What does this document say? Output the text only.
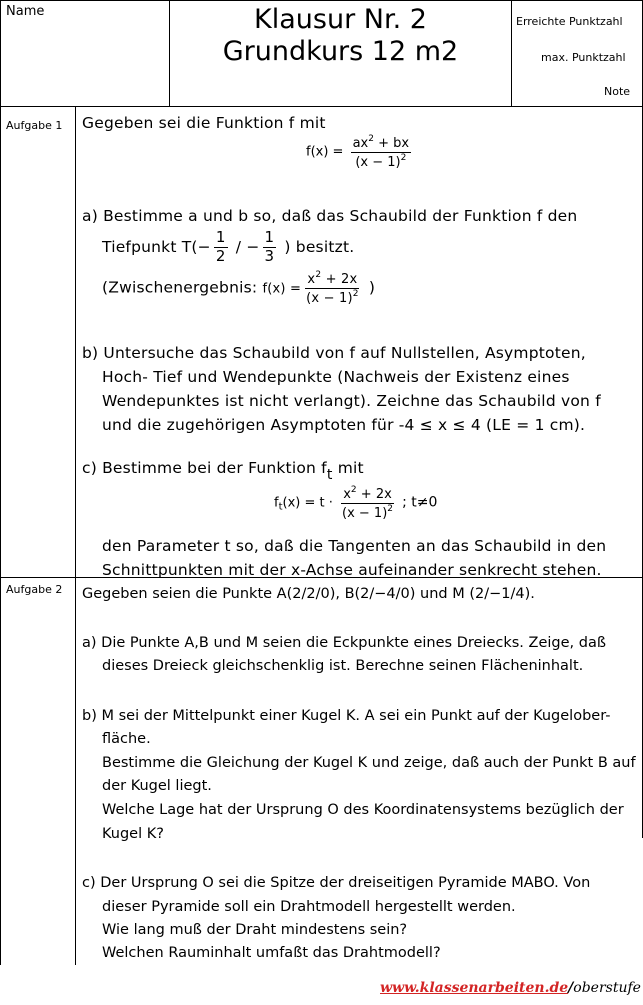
Name	Klausur Nr. 2
Grundkurs 12 m2
Erreichte Punktzahl
max. Punktzahl
Note
Aufgabe 1 Gegeben sei die Funktion f mit
$f(x) = \frac{ax^2 + bx}{(x - 1)^2}$
a) Bestimme a und b so, daß das Schaubild der Funktion f den
Tiefpunkt $T(- \frac{1}{2}$ / − $\frac{1}{3}$ ) besitzt.
(Zwischenergebnis: $f(x) = \frac{x^2 + 2x}{(x - 1)^2}$ )
b) Untersuche das Schaubild von f auf Nullstellen, Asymptoten,
Hoch- Tief und Wendepunkte (Nachweis der Existenz eines
Wendepunktes ist nicht verlangt). Zeichne das Schaubild von f
und die zugehörigen Asymptoten für -4 ≤ x ≤ 4 (LE = 1 cm).
c) Bestimme bei der Funktion $f_t$ mit
$f_t(x) = t \cdot \frac{x^2 + 2x}{(x - 1)^2}$ ; t≠0
den Parameter t so, daß die Tangenten an das Schaubild in den
Schnittpunkten mit der x-Achse aufeinander senkrecht stehen.
Aufgabe 2 Gegeben seien die Punkte A(2/2/0), B(2/−4/0) und M (2/−1/4).
a) Die Punkte A,B und M seien die Eckpunkte eines Dreiecks. Zeige, daß
dieses Dreieck gleichschenklig ist. Berechne seinen Flächeninhalt.
b) M sei der Mittelpunkt einer Kugel K. A sei ein Punkt auf der Kugelober-
fläche.
Bestimme die Gleichung der Kugel K und zeige, daß auch der Punkt B auf
der Kugel liegt.
Welche Lage hat der Ursprung O des Koordinatensystems bezüglich der
Kugel K?
c) Der Ursprung O sei die Spitze der dreiseitigen Pyramide MABO. Von
dieser Pyramide soll ein Drahtmodell hergestellt werden.
Wie lang muß der Draht mindestens sein?
Welchen Rauminhalt umfaßt das Drahtmodell?
www.klassenarbeiten.de/oberstufe
